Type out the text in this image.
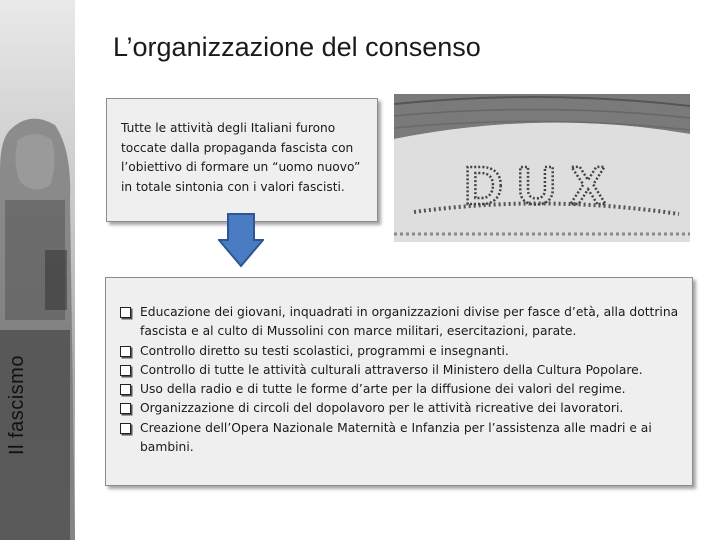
Il fascismo
L’organizzazione del consenso

Tutte le attività degli Italiani furono toccate dalla propaganda fascista con l’obiettivo di formare un “uomo nuovo” in totale sintonia con i valori fascisti.	DUX
Educazione dei giovani, inquadrati in organizzazioni divise per fasce d’età, alla dottrina fascista e al culto di Mussolini con marce militari, esercitazioni, parate.
Controllo diretto su testi scolastici, programmi e insegnanti.
Controllo di tutte le attività culturali attraverso il Ministero della Cultura Popolare.
Uso della radio e di tutte le forme d’arte per la diffusione dei valori del regime.
Organizzazione di circoli del dopolavoro per le attività ricreative dei lavoratori.
Creazione dell’Opera Nazionale Maternità e Infanzia per l’assistenza alle madri e ai bambini.
